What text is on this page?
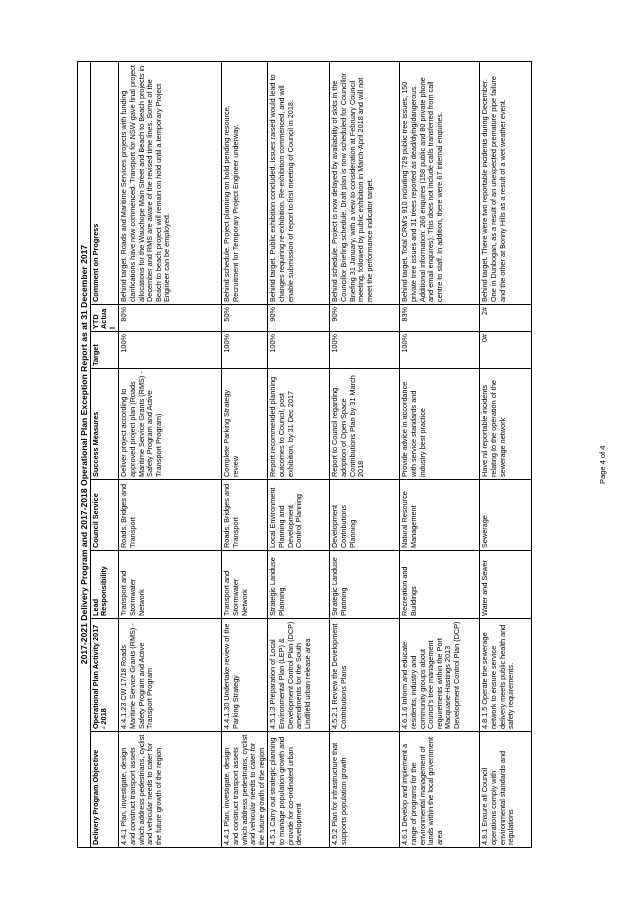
2017-2021 Delivery Program and 2017-2018 Operational Plan Exception Report as at 31 December 2017							
Delivery Program Objective	Operational Plan Activity 2017 - 2018	Lead Responsibility	Council Service	Success Measures	Target	YTD Actual	Comment on Progress
4.4.1 Plan, investigate, design and construct transport assets which address pedestrians, cyclist and vehicular needs to cater for the future growth of the region	4.4.1.23 CW 17/18 Roads Maritime Service Grants (RMS) - Safety Program and Active Transport Program	Transport and Stormwater Network	Roads, Bridges and Transport	Deliver project according to approved project plan (Roads Maritime Service Grants (RMS) - Safety Program and Active Transport Program)	100%	80%	Behind target. Roads and Maritime Services projects with funding clarifications have now commenced. Transport for NSW gave final project allocations for the Wauchope Main Street and Beach to Beach projects in December and RMS are aware of the revised time lines. Some of the Beach to beach project will remain on hold until a temporary Project Engineer can be employed.
4.4.1 Plan, investigate, design and construct transport assets which address pedestrians, cyclist and vehicular needs to cater for the future growth of the region	4.4.1.30 Undertake review of the Parking Strategy	Transport and Stormwater Network	Roads, Bridges and Transport	Complete Parking Strategy review	100%	50%	Behind schedule. Project planning on hold pending resource. Recruitment for Temporary Project Engineer underway.
4.5.1 Carry out strategic planning to manage population growth and provide for co-ordinated urban development	4.5.1.3 Preparation of Local Environmental Plan (LEP) & Development Control Plan (DCP) amendments for the South Lindfield urban release area	Strategic Landuse Planning	Local Environment Planning and Development Control Planning	Report recommended planning outcomes to Council, post exhibition, by 31 Dec 2017	100%	90%	Behind target. Public exhibition concluded. Issues raised would lead to changes requiring re-exhibition. Re-exhibition commenced, and will enable submission of report to first meeting of Council in 2018.
4.5.2 Plan for infrastructure that supports population growth	4.5.2.1 Review the Development Contributions Plans	Strategic Landuse Planning	Development Contributions Planning	Report to Council regarding adoption of Open Space Contributions Plan by 31 March 2018	100%	90%	Behind schedule. Project is now delayed by availability of slots in the Councillor Briefing schedule. Draft plan is now scheduled for Councillor Briefing 31 January, with a view to consideration at February Council meeting, followed by public exhibition in March-April 2018 and will not meet the performance indicator target.
4.6.1 Develop and implement a range of programs for the environmental management of lands within the local government area	4.6.1.6 Inform and educate residents, industry and community groups about Council's tree management requirements within the Port Macquarie-Hastings 2013 Development Control Plan (DCP)	Recreation and Buildings	Natural Resource Management	Provide advice in accordance with service standards and industry best practice	100%	83%	Behind target. Total CRM's 910 including 729 public tree issues, 150 private tree issues and 31 trees reported as dead/dying/dangerous. Additional information: 266 enquires (158 public and 80 private phone and email enquires). This does not include calls transferred from call centre to staff. In addition, there were 67 internal enquiries.
4.8.1 Ensure all Council operations comply with environmental standards and regulations	4.8.1.5 Operate the sewerage network to ensure service delivery meets public health and safety requirements.	Water and Sewer	Sewerage	Have nil reportable incidents relating to the operation of the sewerage network	0#	2#	Behind target. There were two reportable incidents during December. One in Dunbogan, as a result of an unexpected premature pipe failure and the other at Bonny Hills as a result of a wet weather event.
Page 4 of 4
